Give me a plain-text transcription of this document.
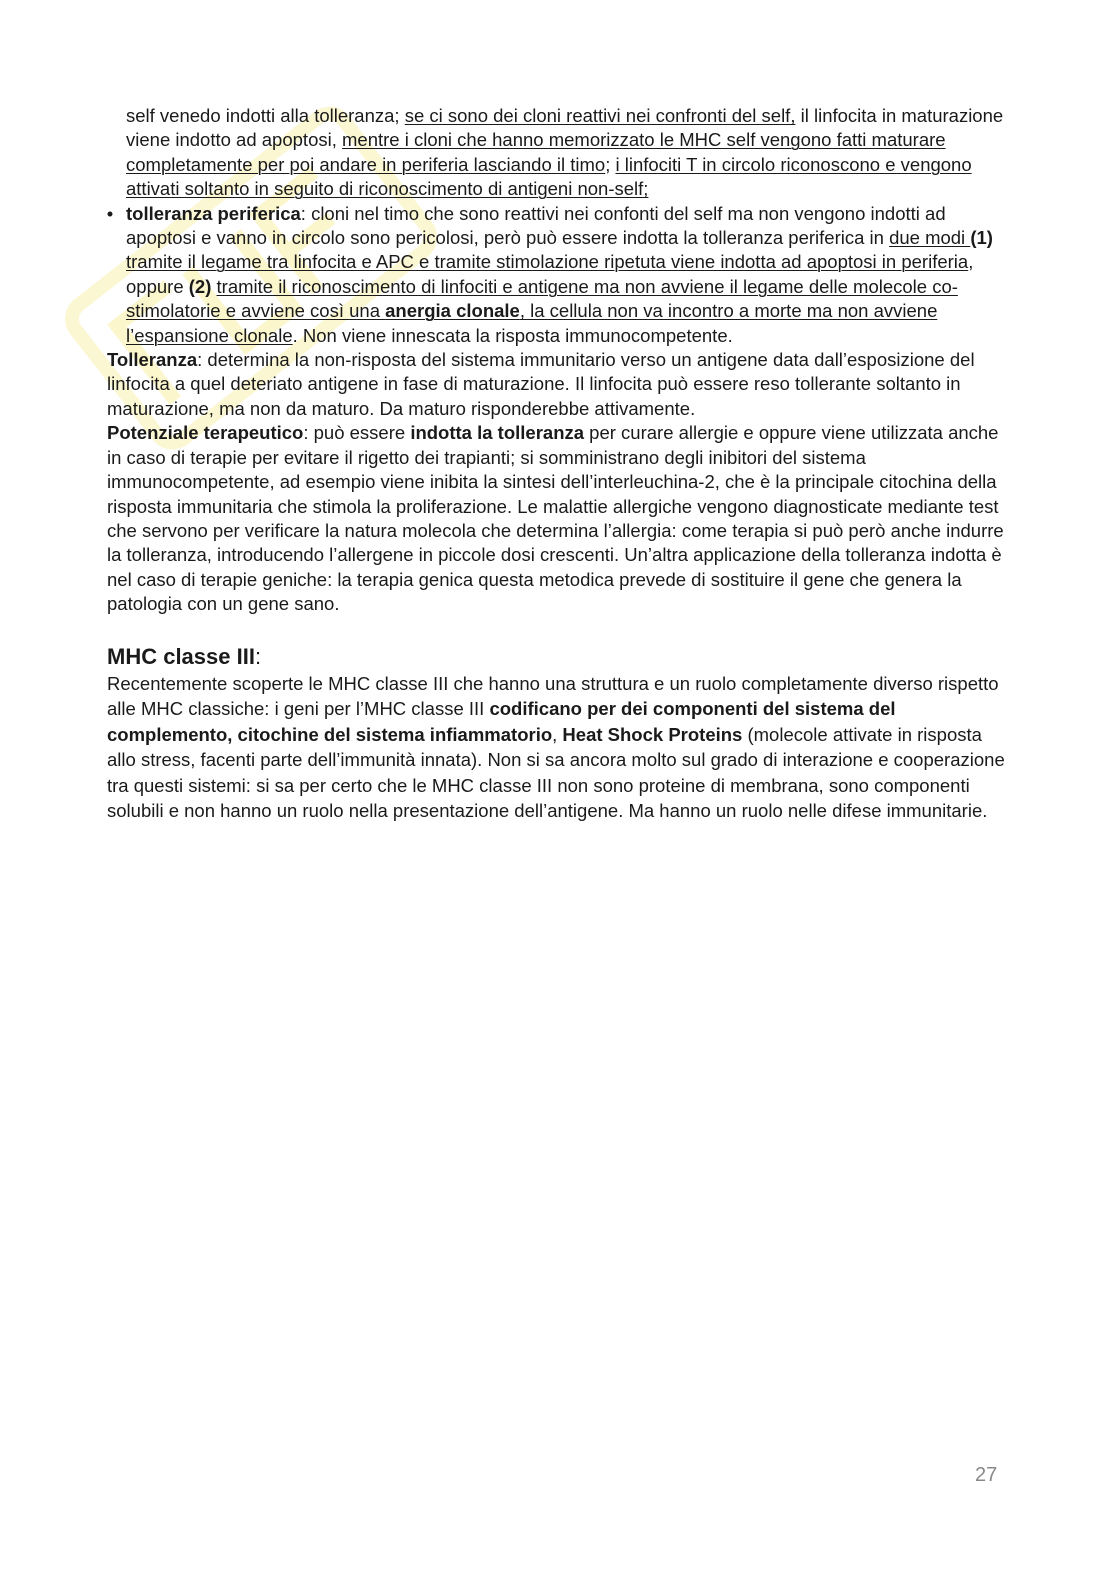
self venedo indotti alla tolleranza; se ci sono dei cloni reattivi nei confronti del self, il linfocita in maturazione viene indotto ad apoptosi, mentre i cloni che hanno memorizzato le MHC self vengono fatti maturare completamente per poi andare in periferia lasciando il timo; i linfociti T in circolo riconoscono e vengono attivati soltanto in seguito di riconoscimento di antigeni non-self;

• tolleranza periferica: cloni nel timo che sono reattivi nei confonti del self ma non vengono indotti ad apoptosi e vanno in circolo sono pericolosi, però può essere indotta la tolleranza periferica in due modi (1) tramite il legame tra linfocita e APC e tramite stimolazione ripetuta viene indotta ad apoptosi in periferia, oppure (2) tramite il riconoscimento di linfociti e antigene ma non avviene il legame delle molecole co-stimolatorie e avviene così una anergia clonale, la cellula non va incontro a morte ma non avviene l’espansione clonale. Non viene innescata la risposta immunocompetente.

Tolleranza: determina la non-risposta del sistema immunitario verso un antigene data dall’esposizione del linfocita a quel deteriato antigene in fase di maturazione. Il linfocita può essere reso tollerante soltanto in maturazione, ma non da maturo. Da maturo risponderebbe attivamente.

Potenziale terapeutico: può essere indotta la tolleranza per curare allergie e oppure viene utilizzata anche in caso di terapie per evitare il rigetto dei trapianti; si somministrano degli inibitori del sistema immunocompetente, ad esempio viene inibita la sintesi dell’interleuchina-2, che è la principale citochina della risposta immunitaria che stimola la proliferazione. Le malattie allergiche vengono diagnosticate mediante test che servono per verificare la natura molecola che determina l’allergia: come terapia si può però anche indurre la tolleranza, introducendo l’allergene in piccole dosi crescenti. Un’altra applicazione della tolleranza indotta è nel caso di terapie geniche: la terapia genica questa metodica prevede di sostituire il gene che genera la patologia con un gene sano.

MHC classe III:

Recentemente scoperte le MHC classe III che hanno una struttura e un ruolo completamente diverso rispetto alle MHC classiche: i geni per l’MHC classe III codificano per dei componenti del sistema del complemento, citochine del sistema infiammatorio, Heat Shock Proteins (molecole attivate in risposta allo stress, facenti parte dell’immunità innata). Non si sa ancora molto sul grado di interazione e cooperazione tra questi sistemi: si sa per certo che le MHC classe III non sono proteine di membrana, sono componenti solubili e non hanno un ruolo nella presentazione dell’antigene. Ma hanno un ruolo nelle difese immunitarie.

27
